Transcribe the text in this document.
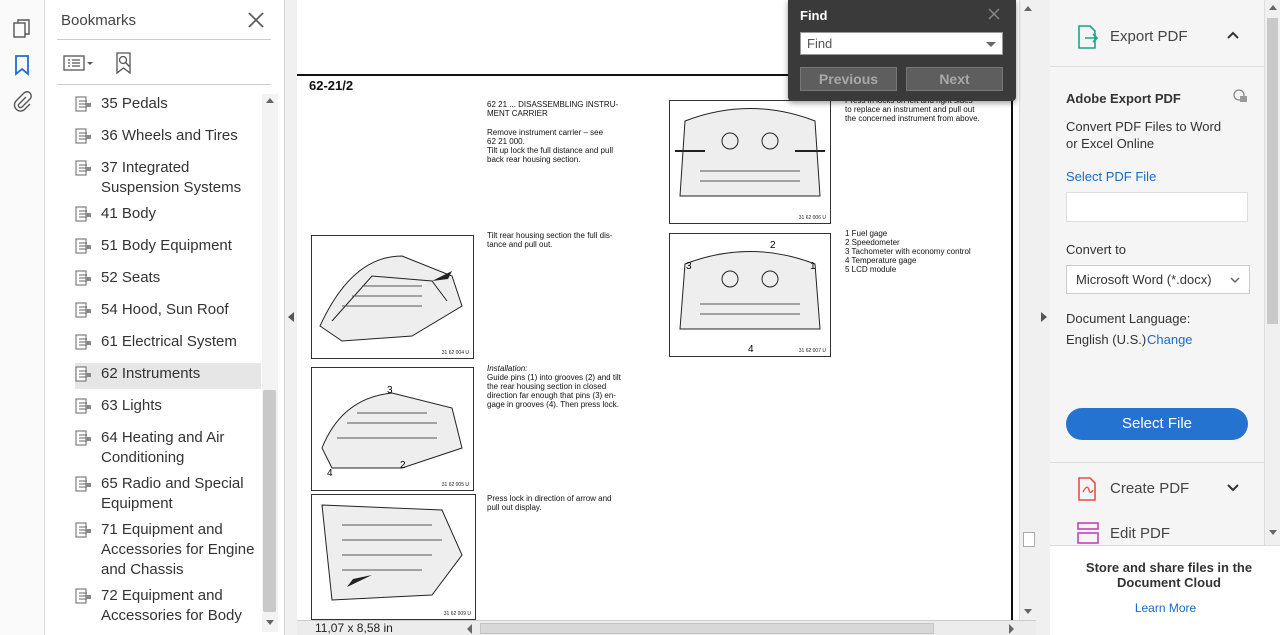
Bookmarks
35 Pedals
36 Wheels and Tires
37 Integrated Suspension Systems
41 Body
51 Body Equipment
52 Seats
54 Hood, Sun Roof
61 Electrical System
62 Instruments
63 Lights
64 Heating and Air Conditioning
65 Radio and Special Equipment
71 Equipment and Accessories for Engine and Chassis
72 Equipment and Accessories for Body
62-21/2
62 21 ... DISASSEMBLING INSTRU-
MENT CARRIER
Remove instrument carrier – see
62 21 000.
Tilt up lock the full distance and pull
back rear housing section.
Tilt rear housing section the full dis-
tance and pull out.
Installation:
Guide pins (1) into grooves (2) and tilt
the rear housing section in closed
direction far enough that pins (3) en-
gage in grooves (4). Then press lock.
Press lock in direction of arrow and
pull out display.

to replace an instrument and pull out
the concerned instrument from above.
1 Fuel gage
2 Speedometer
3 Tachometer with economy control
4 Temperature gage
5 LCD module
31 62 004 U
3
4
2
31 62 005 U
31 62 009 U
31 62 006 U
2
3	1
4	31 62 007 U
11,07 x 8,58 in
Find
Find
Previous	Next
Export PDF
Adobe Export PDF
Convert PDF Files to Word or Excel Online
Select PDF File
Convert to
Microsoft Word (*.docx)
Document Language:
English (U.S.) Change
Select File
Create PDF
Edit PDF
Store and share files in the Document Cloud
Learn More
